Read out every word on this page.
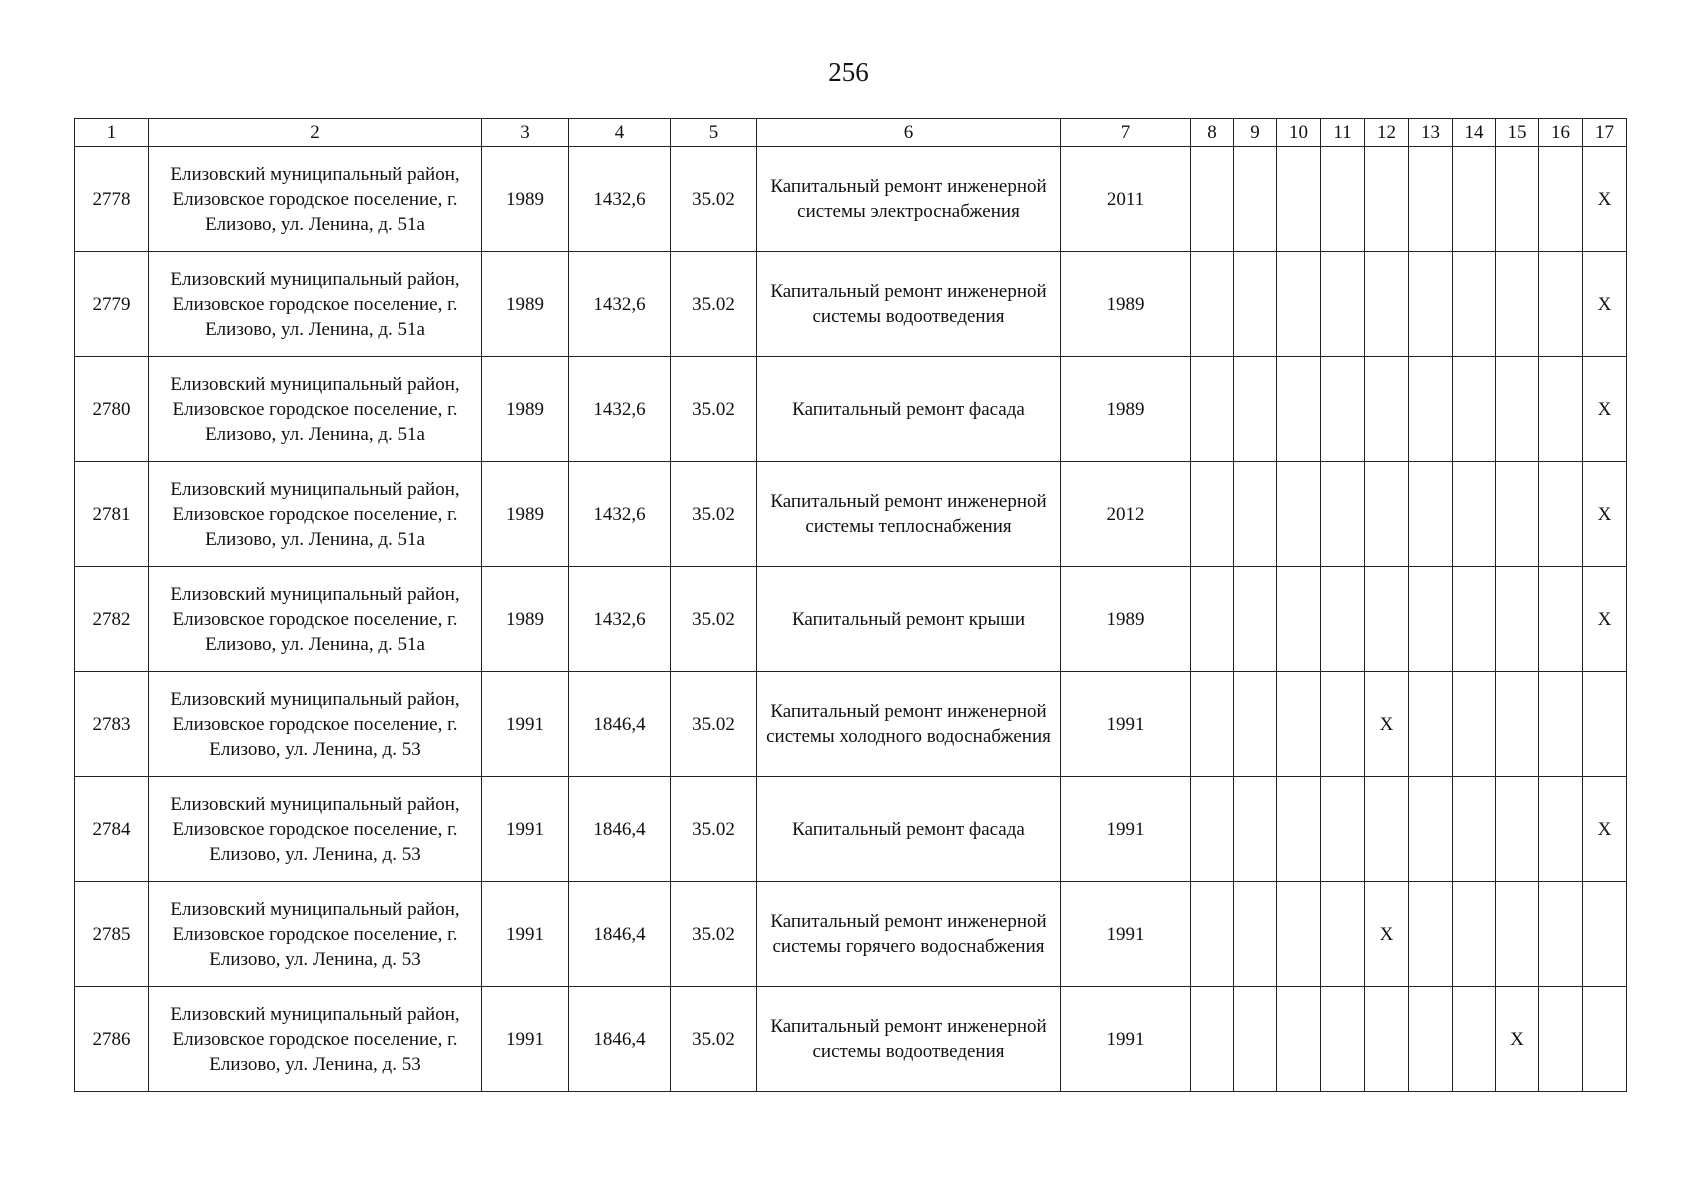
256
1	2	3	4	5	6	7	8	9	10	11	12	13	14	15	16	17
2778	Елизовский муниципальный район, Елизовское городское поселение, г. Елизово, ул. Ленина, д. 51а	1989	1432,6	35.02	Капитальный ремонт инженерной системы электроснабжения	2011										X
2779	Елизовский муниципальный район, Елизовское городское поселение, г. Елизово, ул. Ленина, д. 51а	1989	1432,6	35.02	Капитальный ремонт инженерной системы водоотведения	1989										X
2780	Елизовский муниципальный район, Елизовское городское поселение, г. Елизово, ул. Ленина, д. 51а	1989	1432,6	35.02	Капитальный ремонт фасада	1989										X
2781	Елизовский муниципальный район, Елизовское городское поселение, г. Елизово, ул. Ленина, д. 51а	1989	1432,6	35.02	Капитальный ремонт инженерной системы теплоснабжения	2012										X
2782	Елизовский муниципальный район, Елизовское городское поселение, г. Елизово, ул. Ленина, д. 51а	1989	1432,6	35.02	Капитальный ремонт крыши	1989										X
2783	Елизовский муниципальный район, Елизовское городское поселение, г. Елизово, ул. Ленина, д. 53	1991	1846,4	35.02	Капитальный ремонт инженерной системы холодного водоснабжения	1991					X					
2784	Елизовский муниципальный район, Елизовское городское поселение, г. Елизово, ул. Ленина, д. 53	1991	1846,4	35.02	Капитальный ремонт фасада	1991										X
2785	Елизовский муниципальный район, Елизовское городское поселение, г. Елизово, ул. Ленина, д. 53	1991	1846,4	35.02	Капитальный ремонт инженерной системы горячего водоснабжения	1991					X					
2786	Елизовский муниципальный район, Елизовское городское поселение, г. Елизово, ул. Ленина, д. 53	1991	1846,4	35.02	Капитальный ремонт инженерной системы водоотведения	1991								X		
